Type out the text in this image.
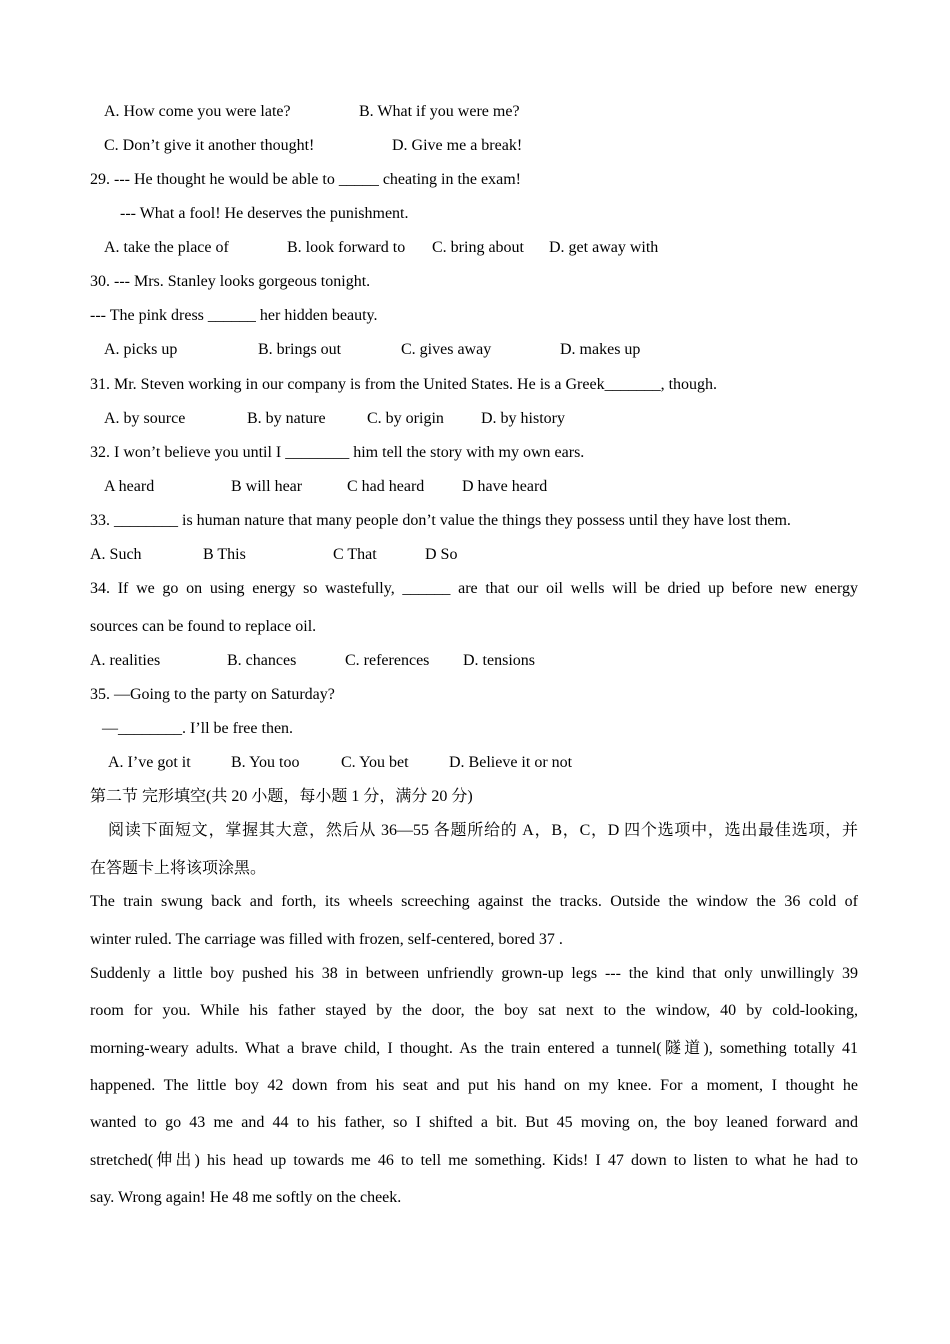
A. How come you were late?	B. What if you were me?
C. Don’t give it another thought!	D. Give me a break!
29. --- He thought he would be able to _____ cheating in the exam!
--- What a fool! He deserves the punishment.
A. take the place of	B. look forward to C. bring about D. get away with
30. --- Mrs. Stanley looks gorgeous tonight.
--- The pink dress ______ her hidden beauty.
A. picks up	B. brings out	C. gives away	D. makes up
31. Mr. Steven working in our company is from the United States. He is a Greek_______, though.
A. by source	B. by nature	C. by origin D. by history
32. I won’t believe you until I ________ him tell the story with my own ears.
A heard	B will hear	C had heard D have heard
33. ________ is human nature that many people don’t value the things they possess until they have lost them.
A. Such	B This	C That	D So
34. If we go on using energy so wastefully, ______ are that our oil wells will be dried up before new energy
sources can be found to replace oil.
A. realities	B. chances	C. references D. tensions
35. —Going to the party on Saturday?
—________. I’ll be free then.
A. I’ve got it	B. You too	C. You bet	D. Believe it or not
第二节 完形填空(共 20 小题，每小题 1 分，满分 20 分)
阅读下面短文，掌握其大意，然后从 36—55 各题所给的 A，B，C，D 四个选项中，选出最佳选项，并
在答题卡上将该项涂黑。
The train swung back and forth, its wheels screeching against the tracks. Outside the window the 36 cold of
winter ruled. The carriage was filled with frozen, self-centered, bored 37 .
Suddenly a little boy pushed his 38 in between unfriendly grown-up legs --- the kind that only unwillingly 39
room for you. While his father stayed by the door, the boy sat next to the window, 40 by cold-looking,
morning-weary adults. What a brave child, I thought. As the train entered a tunnel(隧道), something totally 41
happened. The little boy 42 down from his seat and put his hand on my knee. For a moment, I thought he
wanted to go 43 me and 44 to his father, so I shifted a bit. But 45 moving on, the boy leaned forward and
stretched(伸出) his head up towards me 46 to tell me something. Kids! I 47 down to listen to what he had to
say. Wrong again! He 48 me softly on the cheek.
